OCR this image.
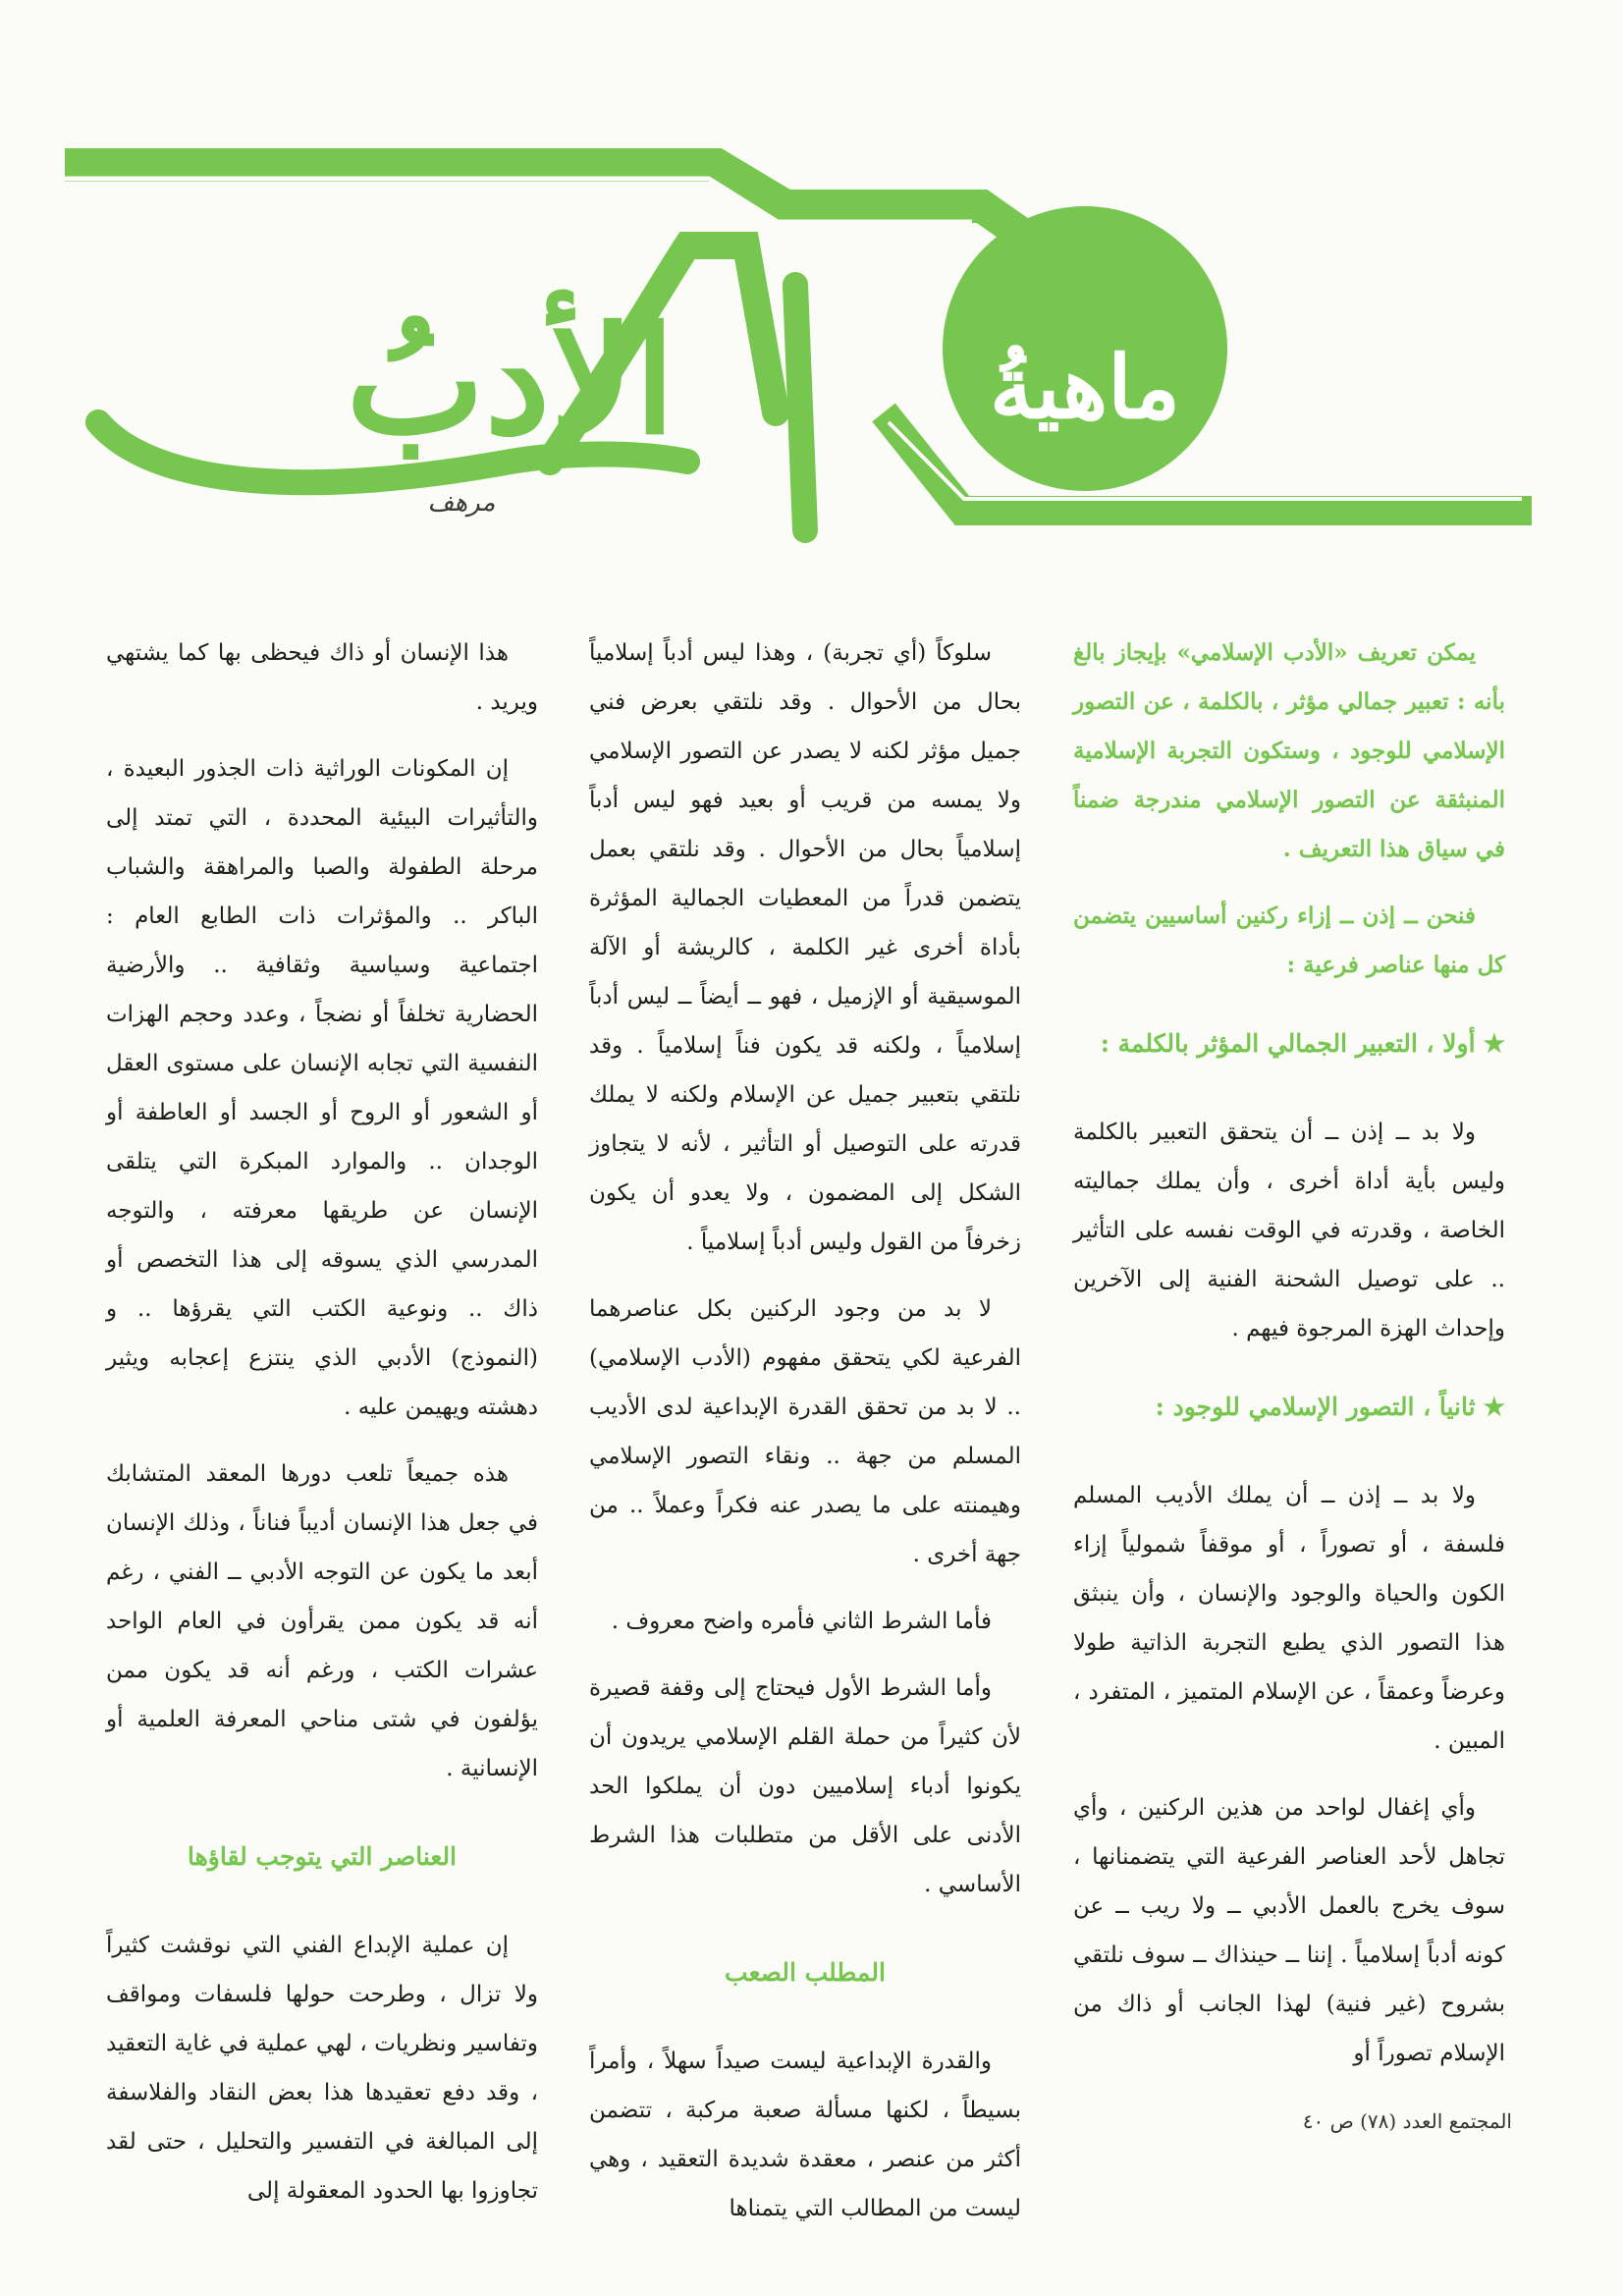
ماهيةُ
الأدبُ
مرهف

يمكن تعريف «الأدب الإسلامي» بإيجاز بالغ بأنه : تعبير جمالي مؤثر ، بالكلمة ، عن التصور الإسلامي للوجود ، وستكون التجربة الإسلامية المنبثقة عن التصور الإسلامي مندرجة ضمناً في سياق هذا التعريف .

فنحن ــ إذن ــ إزاء ركنين أساسيين يتضمن كل منها عناصر فرعية :

★أولا ، التعبير الجمالي المؤثر بالكلمة :

ولا بد ــ إذن ــ أن يتحقق التعبير بالكلمة وليس بأية أداة أخرى ، وأن يملك جماليته الخاصة ، وقدرته في الوقت نفسه على التأثير .. على توصيل الشحنة الفنية إلى الآخرين وإحداث الهزة المرجوة فيهم .

★ثانياً ، التصور الإسلامي للوجود :

ولا بد ــ إذن ــ أن يملك الأديب المسلم فلسفة ، أو تصوراً ، أو موقفاً شمولياً إزاء الكون والحياة والوجود والإنسان ، وأن ينبثق هذا التصور الذي يطبع التجربة الذاتية طولا وعرضاً وعمقاً ، عن الإسلام المتميز ، المتفرد ، المبين .

وأي إغفال لواحد من هذين الركنين ، وأي تجاهل لأحد العناصر الفرعية التي يتضمنانها ، سوف يخرج بالعمل الأدبي ــ ولا ريب ــ عن كونه أدباً إسلامياً . إننا ــ حينذاك ــ سوف نلتقي بشروح (غير فنية) لهذا الجانب أو ذاك من الإسلام تصوراً أو

سلوكاً (أي تجربة) ، وهذا ليس أدباً إسلامياً بحال من الأحوال . وقد نلتقي بعرض فني جميل مؤثر لكنه لا يصدر عن التصور الإسلامي ولا يمسه من قريب أو بعيد فهو ليس أدباً إسلامياً بحال من الأحوال . وقد نلتقي بعمل يتضمن قدراً من المعطيات الجمالية المؤثرة بأداة أخرى غير الكلمة ، كالريشة أو الآلة الموسيقية أو الإزميل ، فهو ــ أيضاً ــ ليس أدباً إسلامياً ، ولكنه قد يكون فناً إسلامياً . وقد نلتقي بتعبير جميل عن الإسلام ولكنه لا يملك قدرته على التوصيل أو التأثير ، لأنه لا يتجاوز الشكل إلى المضمون ، ولا يعدو أن يكون زخرفاً من القول وليس أدباً إسلامياً .

لا بد من وجود الركنين بكل عناصرهما الفرعية لكي يتحقق مفهوم (الأدب الإسلامي) .. لا بد من تحقق القدرة الإبداعية لدى الأديب المسلم من جهة .. ونقاء التصور الإسلامي وهيمنته على ما يصدر عنه فكراً وعملاً .. من جهة أخرى .

فأما الشرط الثاني فأمره واضح معروف .

وأما الشرط الأول فيحتاج إلى وقفة قصيرة لأن كثيراً من حملة القلم الإسلامي يريدون أن يكونوا أدباء إسلاميين دون أن يملكوا الحد الأدنى على الأقل من متطلبات هذا الشرط الأساسي .

المطلب الصعب

والقدرة الإبداعية ليست صيداً سهلاً ، وأمراً بسيطاً ، لكنها مسألة صعبة مركبة ، تتضمن أكثر من عنصر ، معقدة شديدة التعقيد ، وهي ليست من المطالب التي يتمناها

هذا الإنسان أو ذاك فيحظى بها كما يشتهي ويريد .

إن المكونات الوراثية ذات الجذور البعيدة ، والتأثيرات البيئية المحددة ، التي تمتد إلى مرحلة الطفولة والصبا والمراهقة والشباب الباكر .. والمؤثرات ذات الطابع العام : اجتماعية وسياسية وثقافية .. والأرضية الحضارية تخلفاً أو نضجاً ، وعدد وحجم الهزات النفسية التي تجابه الإنسان على مستوى العقل أو الشعور أو الروح أو الجسد أو العاطفة أو الوجدان .. والموارد المبكرة التي يتلقى الإنسان عن طريقها معرفته ، والتوجه المدرسي الذي يسوقه إلى هذا التخصص أو ذاك .. ونوعية الكتب التي يقرؤها .. و (النموذج) الأدبي الذي ينتزع إعجابه ويثير دهشته ويهيمن عليه .

هذه جميعاً تلعب دورها المعقد المتشابك في جعل هذا الإنسان أديباً فناناً ، وذلك الإنسان أبعد ما يكون عن التوجه الأدبي ــ الفني ، رغم أنه قد يكون ممن يقرأون في العام الواحد عشرات الكتب ، ورغم أنه قد يكون ممن يؤلفون في شتى مناحي المعرفة العلمية أو الإنسانية .

العناصر التي يتوجب لقاؤها

إن عملية الإبداع الفني التي نوقشت كثيراً ولا تزال ، وطرحت حولها فلسفات ومواقف وتفاسير ونظريات ، لهي عملية في غاية التعقيد ، وقد دفع تعقيدها هذا بعض النقاد والفلاسفة إلى المبالغة في التفسير والتحليل ، حتى لقد تجاوزوا بها الحدود المعقولة إلى

المجتمع العدد (٧٨) ص ٤٠
